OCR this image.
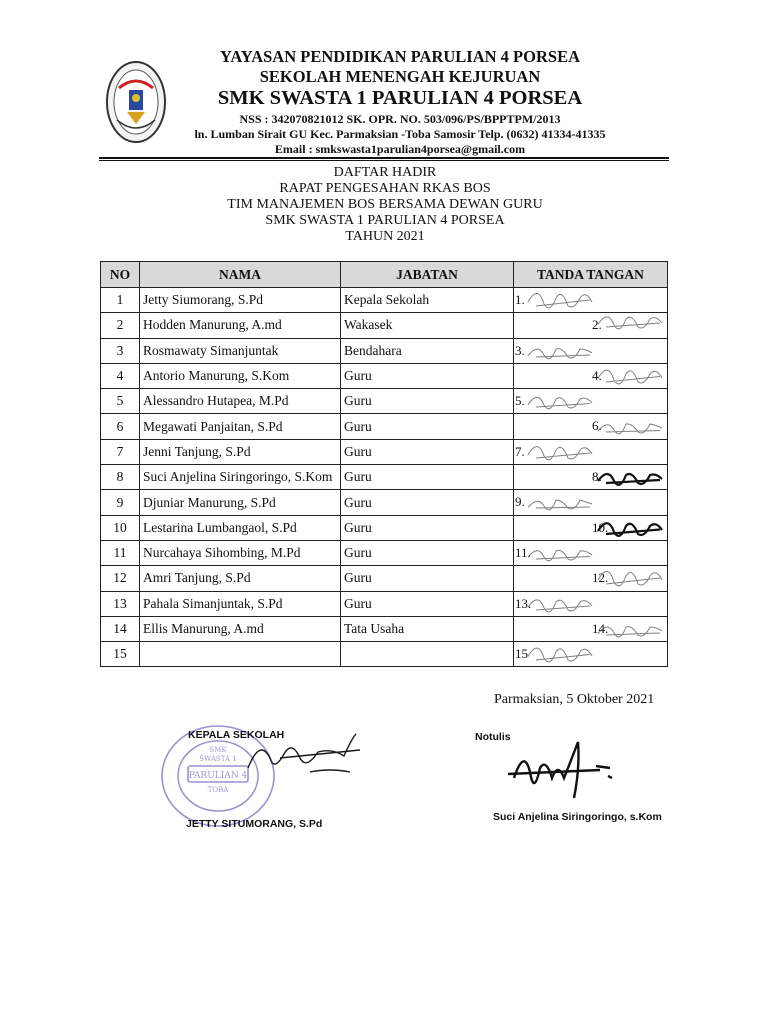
YAYASAN PENDIDIKAN PARULIAN 4 PORSEA
SEKOLAH MENENGAH KEJURUAN
SMK SWASTA 1 PARULIAN 4 PORSEA
NSS : 342070821012 SK. OPR. NO. 503/096/PS/BPPTPM/2013
ln. Lumban Sirait GU Kec. Parmaksian -Toba Samosir Telp. (0632) 41334-41335
Email : smkswasta1parulian4porsea@gmail.com
DAFTAR HADIR
RAPAT PENGESAHAN RKAS BOS
TIM MANAJEMEN BOS BERSAMA DEWAN GURU
SMK SWASTA 1 PARULIAN 4 PORSEA
TAHUN 2021
NO	NAMA	JABATAN	TANDA TANGAN
1	Jetty Siumorang, S.Pd	Kepala Sekolah	1.

2	Hodden Manurung, A.md	Wakasek	2.

3	Rosmawaty Simanjuntak	Bendahara	3.

4	Antorio Manurung, S.Kom	Guru	4.

5	Alessandro Hutapea, M.Pd	Guru	5.

6	Megawati Panjaitan, S.Pd	Guru	6.

7	Jenni Tanjung, S.Pd	Guru	7.

8	Suci Anjelina Siringoringo, S.Kom	Guru	8.

9	Djuniar Manurung, S.Pd	Guru	9.

10	Lestarina Lumbangaol, S.Pd	Guru	10.

11	Nurcahaya Sihombing, M.Pd	Guru	11.

12	Amri Tanjung, S.Pd	Guru	12.

13	Pahala Simanjuntak, S.Pd	Guru	13.

14	Ellis Manurung, A.md	Tata Usaha	14.

15			15
Parmaksian, 5 Oktober 2021
SMK
SWASTA 1
PARULIAN 4
TOBA
KEPALA SEKOLAH
JETTY SITUMORANG, S.Pd
Notulis
Suci Anjelina Siringoringo, s.Kom
